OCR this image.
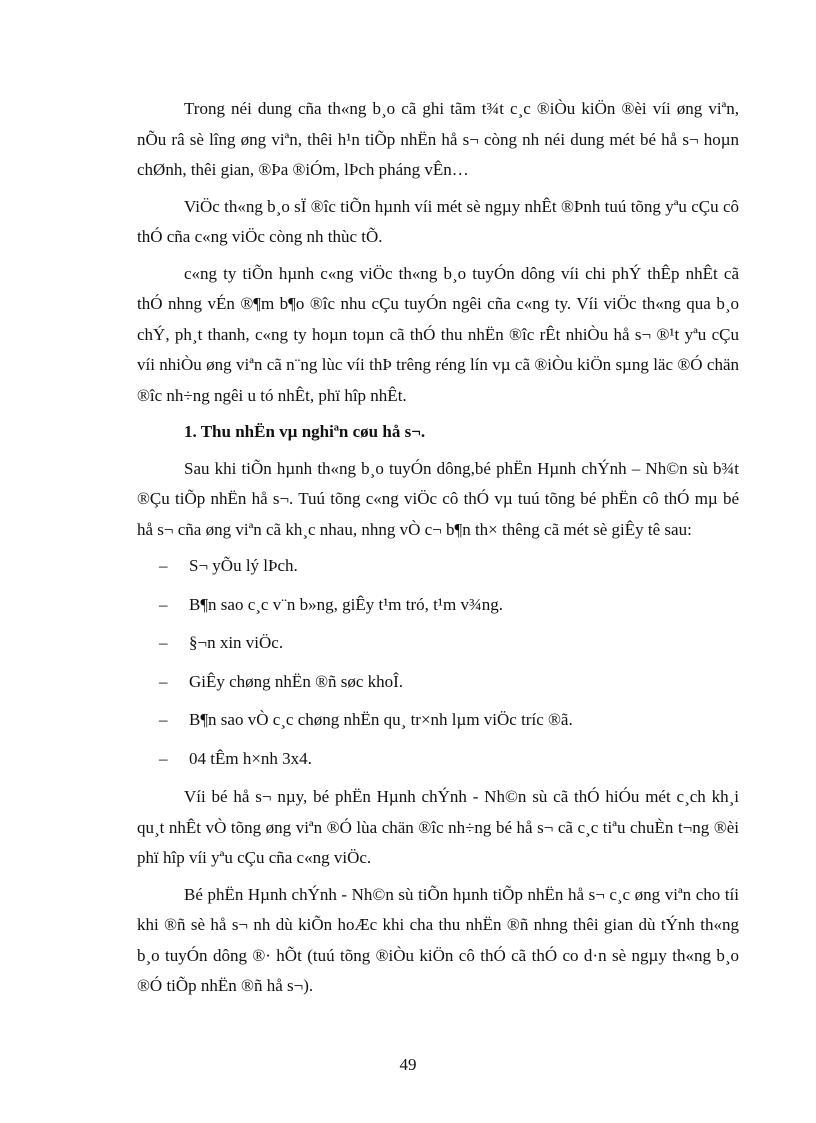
Trong néi dung cña th«ng b¸o cã ghi tãm t¾t c¸c ®iÒu kiÖn ®èi víi øng viªn, nÕu râ sè lîng øng viªn, thêi h¹n tiÕp nhËn hå s¬ còng nh néi dung mét bé hå s¬ hoµn chØnh, thêi gian, ®Þa ®iÓm, lÞch pháng vÊn…

ViÖc th«ng b¸o sÏ ®îc tiÕn hµnh víi mét sè ngµy nhÊt ®Þnh tuú tõng yªu cÇu cô thÓ cña c«ng viÖc còng nh thùc tÕ.

c«ng ty tiÕn hµnh c«ng viÖc th«ng b¸o tuyÓn dông víi chi phÝ thÊp nhÊt cã thÓ nhng vÉn ®¶m b¶o ®îc nhu cÇu tuyÓn ngêi cña c«ng ty. Víi viÖc th«ng qua b¸o chÝ, ph¸t thanh, c«ng ty hoµn toµn cã thÓ thu nhËn ®îc rÊt nhiÒu hå s¬ ®¹t yªu cÇu víi nhiÒu øng viªn cã n¨ng lùc víi thÞ trêng réng lín vµ cã ®iÒu kiÖn sµng läc ®Ó chän ®îc nh÷ng ngêi u tó nhÊt, phï hîp nhÊt.

1. Thu nhËn vµ nghiªn cøu hå s¬.

Sau khi tiÕn hµnh th«ng b¸o tuyÓn dông,bé phËn Hµnh chÝnh – Nh©n sù b¾t ®Çu tiÕp nhËn hå s¬. Tuú tõng c«ng viÖc cô thÓ vµ tuú tõng bé phËn cô thÓ mµ bé hå s¬ cña øng viªn cã kh¸c nhau, nhng vÒ c¬ b¶n th× thêng cã mét sè giÊy tê sau:

– S¬ yÕu lý lÞch.
– B¶n sao c¸c v¨n b»ng, giÊy t¹m tró, t¹m v¾ng.
– §¬n xin viÖc.
– GiÊy chøng nhËn ®ñ søc khoÎ.
– B¶n sao vÒ c¸c chøng nhËn qu¸ tr×nh lµm viÖc tríc ®ã.
– 04 tÊm h×nh 3x4.

Víi bé hå s¬ nµy, bé phËn Hµnh chÝnh - Nh©n sù cã thÓ hiÓu mét c¸ch kh¸i qu¸t nhÊt vÒ tõng øng viªn ®Ó lùa chän ®îc nh÷ng bé hå s¬ cã c¸c tiªu chuÈn t¬ng ®èi phï hîp víi yªu cÇu cña c«ng viÖc.

Bé phËn Hµnh chÝnh - Nh©n sù tiÕn hµnh tiÕp nhËn hå s¬ c¸c øng viªn cho tíi khi ®ñ sè hå s¬ nh dù kiÕn hoÆc khi cha thu nhËn ®ñ nhng thêi gian dù tÝnh th«ng b¸o tuyÓn dông ®· hÕt (tuú tõng ®iÒu kiÖn cô thÓ cã thÓ co d·n sè ngµy th«ng b¸o ®Ó tiÕp nhËn ®ñ hå s¬).

49
